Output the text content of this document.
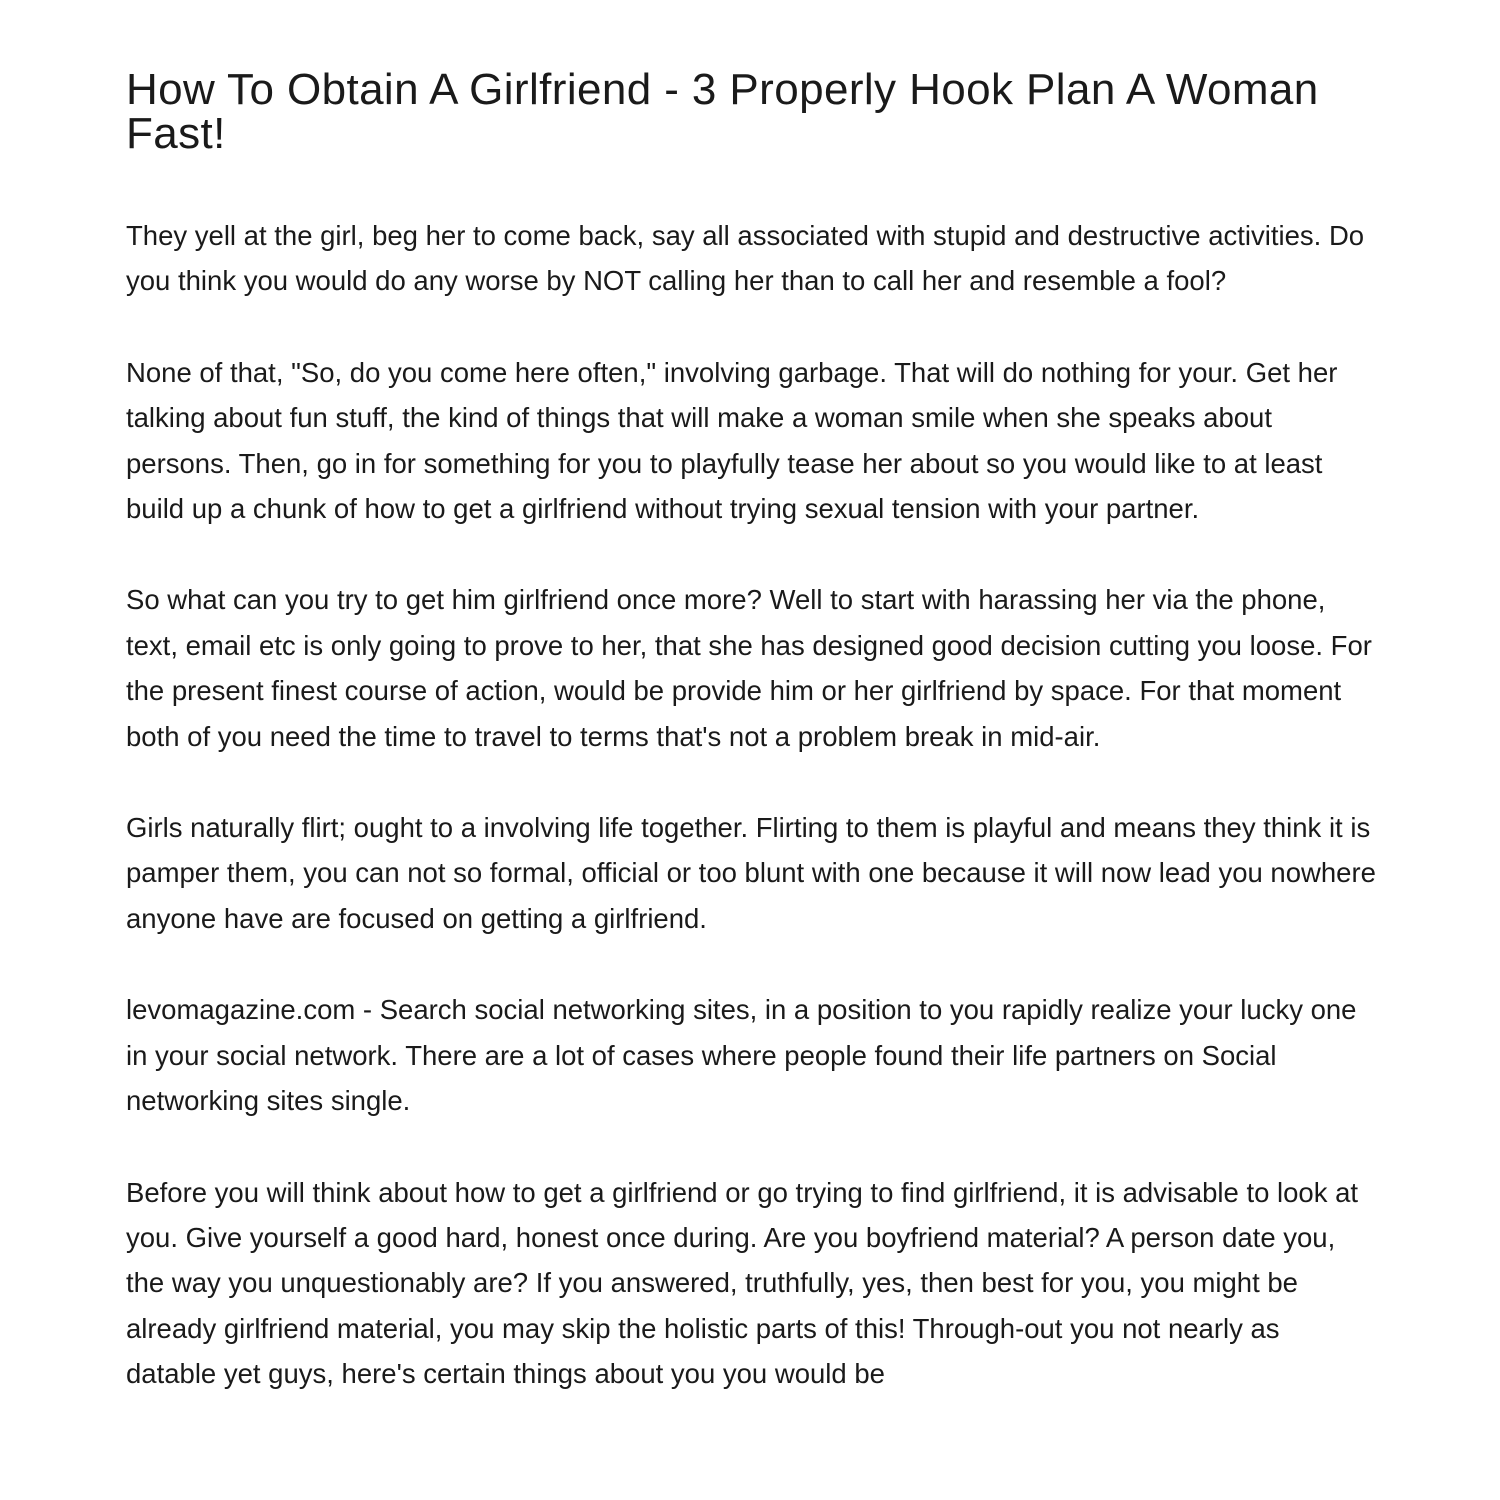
How To Obtain A Girlfriend - 3 Properly Hook Plan A Woman Fast!

They yell at the girl, beg her to come back, say all associated with stupid and destructive activities. Do you think you would do any worse by NOT calling her than to call her and resemble a fool?

None of that, "So, do you come here often," involving garbage. That will do nothing for your. Get her talking about fun stuff, the kind of things that will make a woman smile when she speaks about persons. Then, go in for something for you to playfully tease her about so you would like to at least build up a chunk of how to get a girlfriend without trying sexual tension with your partner.

So what can you try to get him girlfriend once more? Well to start with harassing her via the phone, text, email etc is only going to prove to her, that she has designed good decision cutting you loose. For the present finest course of action, would be provide him or her girlfriend by space. For that moment both of you need the time to travel to terms that's not a problem break in mid-air.

Girls naturally flirt; ought to a involving life together. Flirting to them is playful and means they think it is pamper them, you can not so formal, official or too blunt with one because it will now lead you nowhere anyone have are focused on getting a girlfriend.

levomagazine.com - Search social networking sites, in a position to you rapidly realize your lucky one in your social network. There are a lot of cases where people found their life partners on Social networking sites single.

Before you will think about how to get a girlfriend or go trying to find girlfriend, it is advisable to look at you. Give yourself a good hard, honest once during. Are you boyfriend material? A person date you, the way you unquestionably are? If you answered, truthfully, yes, then best for you, you might be already girlfriend material, you may skip the holistic parts of this! Through-out you not nearly as datable yet guys, here's certain things about you you would be
